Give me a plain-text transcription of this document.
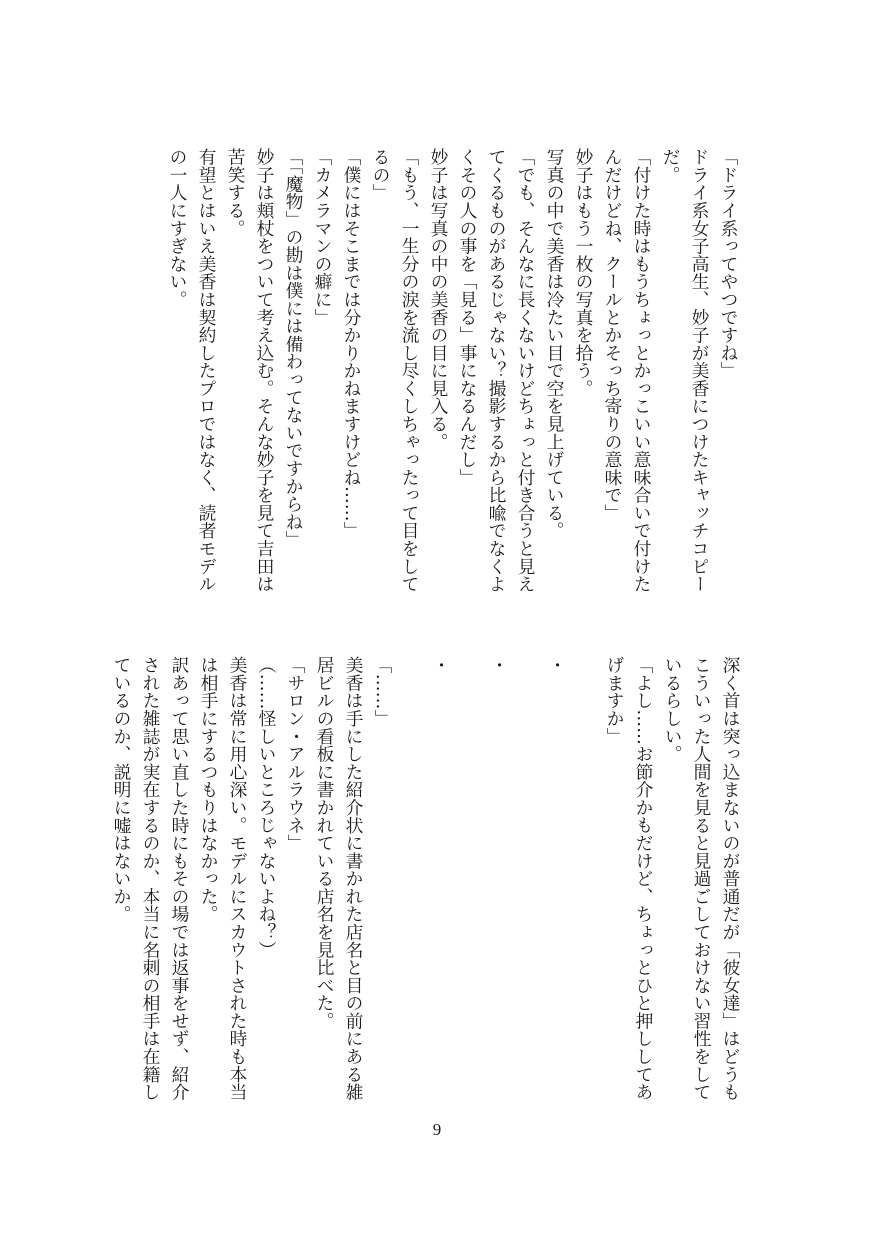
「ドライ系ってやつですね」
ドライ系女子高生、妙子が美香につけたキャッチコピー
だ。
「付けた時はもうちょっとかっこいい意味合いで付けた
んだけどね、クールとかそっち寄りの意味で」
妙子はもう一枚の写真を拾う。
写真の中で美香は冷たい目で空を見上げている。
「でも、そんなに長くないけどちょっと付き合うと見え
てくるものがあるじゃない？撮影するから比喩でなくよ
くその人の事を「見る」事になるんだし」
妙子は写真の中の美香の目に見入る。
「もう、一生分の涙を流し尽くしちゃったって目をして
るの」
「僕にはそこまでは分かりかねますけどね……」
「カメラマンの癖に」
「「魔物」の勘は僕には備わってないですからね」
妙子は頬杖をついて考え込む。そんな妙子を見て吉田は
苦笑する。
有望とはいえ美香は契約したプロではなく、読者モデル
の一人にすぎない。
深く首は突っ込まないのが普通だが「彼女達」はどうも
こういった人間を見ると見過ごしておけない習性をして
いるらしい。
「よし……お節介かもだけど、ちょっとひと押ししてあ
げますか」
・
・
・
「……」
美香は手にした紹介状に書かれた店名と目の前にある雑
居ビルの看板に書かれている店名を見比べた。
「サロン・アルラウネ」
（……怪しいところじゃないよね？）
美香は常に用心深い。モデルにスカウトされた時も本当
は相手にするつもりはなかった。
訳あって思い直した時にもその場では返事をせず、紹介
された雑誌が実在するのか、本当に名刺の相手は在籍し
ているのか、説明に嘘はないか。
9
